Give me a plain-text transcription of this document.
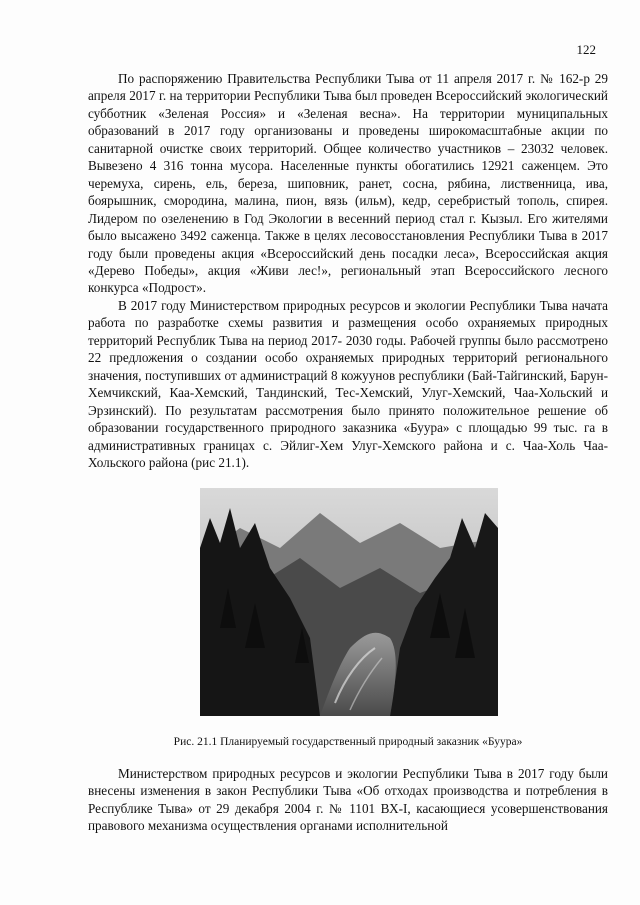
122

По распоряжению Правительства Республики Тыва от 11 апреля 2017 г. № 162-р 29 апреля 2017 г. на территории Республики Тыва был проведен Всероссийский экологический субботник «Зеленая Россия» и «Зеленая весна». На территории муниципальных образований в 2017 году организованы и проведены широкомасштабные акции по санитарной очистке своих территорий. Общее количество участников – 23032 человек. Вывезено 4 316 тонна мусора. Населенные пункты обогатились 12921 саженцем. Это черемуха, сирень, ель, береза, шиповник, ранет, сосна, рябина, лиственница, ива, боярышник, смородина, малина, пион, вязь (ильм), кедр, серебристый тополь, спирея. Лидером по озеленению в Год Экологии в весенний период стал г. Кызыл. Его жителями было высажено 3492 саженца. Также в целях лесовосстановления Республики Тыва в 2017 году были проведены акция «Всероссийский день посадки леса», Всероссийская акция «Дерево Победы», акция «Живи лес!», региональный этап Всероссийского лесного конкурса «Подрост».

В 2017 году Министерством природных ресурсов и экологии Республики Тыва начата работа по разработке схемы развития и размещения особо охраняемых природных территорий Республик Тыва на период 2017- 2030 годы. Рабочей группы было рассмотрено 22 предложения о создании особо охраняемых природных территорий регионального значения, поступивших от администраций 8 кожуунов республики (Бай-Тайгинский, Барун-Хемчикский, Каа-Хемский, Тандинский, Тес-Хемский, Улуг-Хемский, Чаа-Хольский и Эрзинский). По результатам рассмотрения было принято положительное решение об образовании государственного природного заказника «Буура» с площадью 99 тыс. га в административных границах с. Эйлиг-Хем Улуг-Хемского района и с. Чаа-Холь Чаа-Хольского района (рис 21.1).

Рис. 21.1 Планируемый государственный природный заказник «Буура»

Министерством природных ресурсов и экологии Республики Тыва в 2017 году были внесены изменения в закон Республики Тыва «Об отходах производства и потребления в Республике Тыва» от 29 декабря 2004 г. № 1101 ВХ-I, касающиеся усовершенствования правового механизма осуществления органами исполнительной
